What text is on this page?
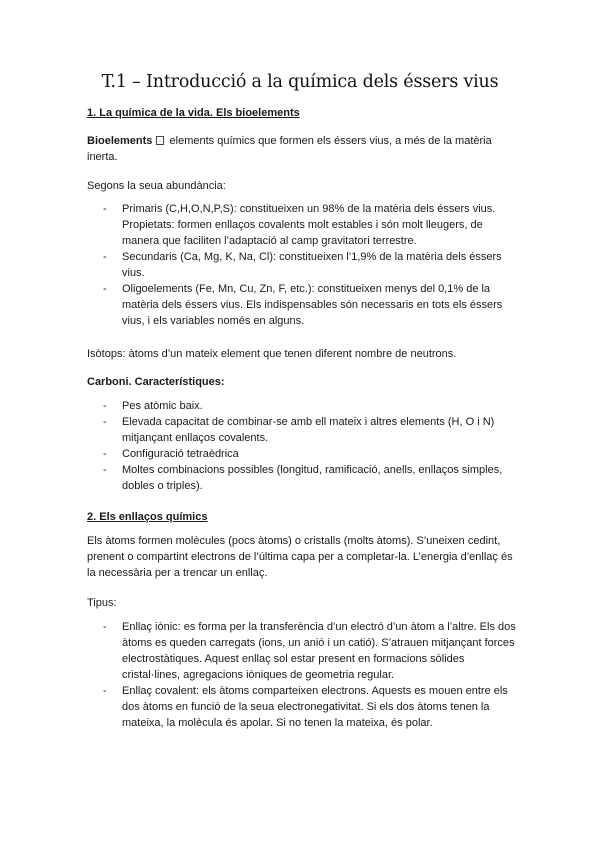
T.1 – Introducció a la química dels éssers vius

1. La química de la vida. Els bioelements

Bioelements elements químics que formen els éssers vius, a més de la matèria inerta.

Segons la seua abundància:

- Primaris (C,H,O,N,P,S): constitueixen un 98% de la matèria dels éssers vius. Propietats: formen enllaços covalents molt estables i són molt lleugers, de manera que faciliten l’adaptació al camp gravitatori terrestre.
- Secundaris (Ca, Mg, K, Na, Cl): constitueixen l’1,9% de la matèria dels éssers vius.
- Oligoelements (Fe, Mn, Cu, Zn, F, etc.): constitueixen menys del 0,1% de la matèria dels éssers vius. Els indispensables són necessaris en tots els éssers vius, i els variables només en alguns.

Isòtops: àtoms d’un mateix element que tenen diferent nombre de neutrons.

Carboni. Característiques:

- Pes atòmic baix.
- Elevada capacitat de combinar-se amb ell mateix i altres elements (H, O i N) mitjançant enllaços covalents.
- Configuració tetraèdrica
- Moltes combinacions possibles (longitud, ramificació, anells, enllaços simples, dobles o triples).

2. Els enllaços químics

Els àtoms formen molècules (pocs àtoms) o cristalls (molts àtoms). S’uneixen cedint, prenent o compartint electrons de l’última capa per a completar-la. L’energia d’enllaç és la necessària per a trencar un enllaç.

Tipus:

- Enllaç iònic: es forma per la transferència d’un electró d’un àtom a l’altre. Els dos àtoms es queden carregats (ions, un anió i un catió). S’atrauen mitjançant forces electrostàtiques. Aquest enllaç sol estar present en formacions sòlides cristal·lines, agregacions iòniques de geometria regular.
- Enllaç covalent: els àtoms comparteixen electrons. Aquests es mouen entre els dos àtoms en funció de la seua electronegativitat. Si els dos àtoms tenen la mateixa, la molècula és apolar. Si no tenen la mateixa, és polar.
